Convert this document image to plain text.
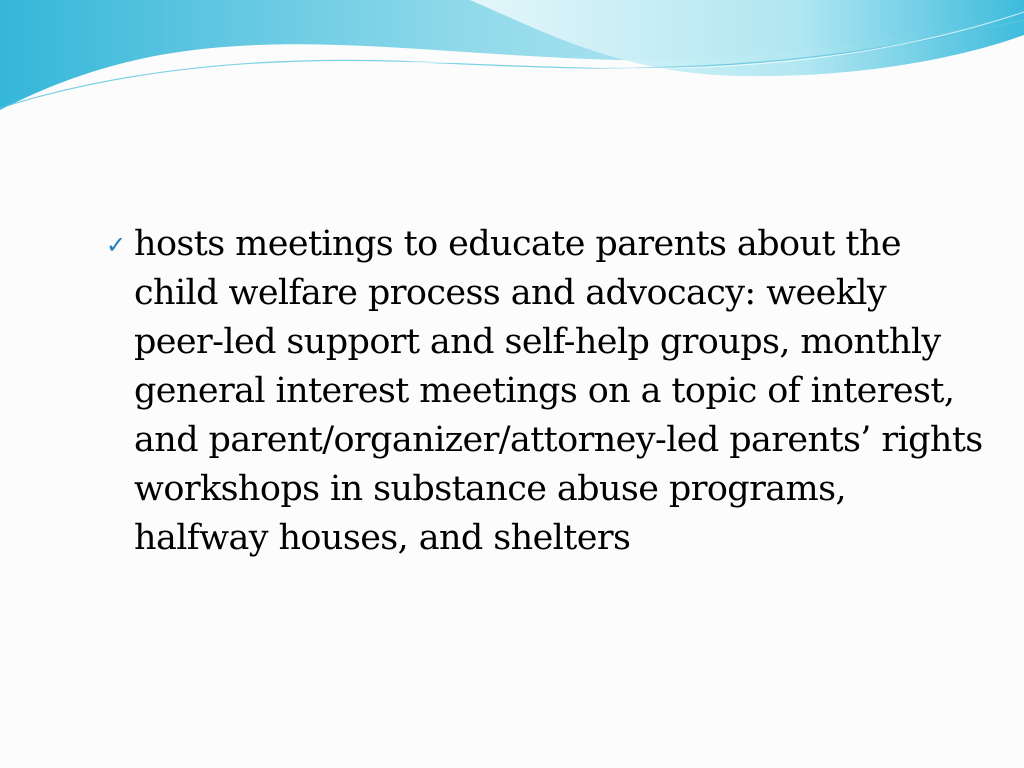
✓ hosts meetings to educate parents about the child welfare process and advocacy: weekly peer-led support and self-help groups, monthly general interest meetings on a topic of interest, and parent/organizer/attorney-led parents’ rights workshops in substance abuse programs, halfway houses, and shelters
